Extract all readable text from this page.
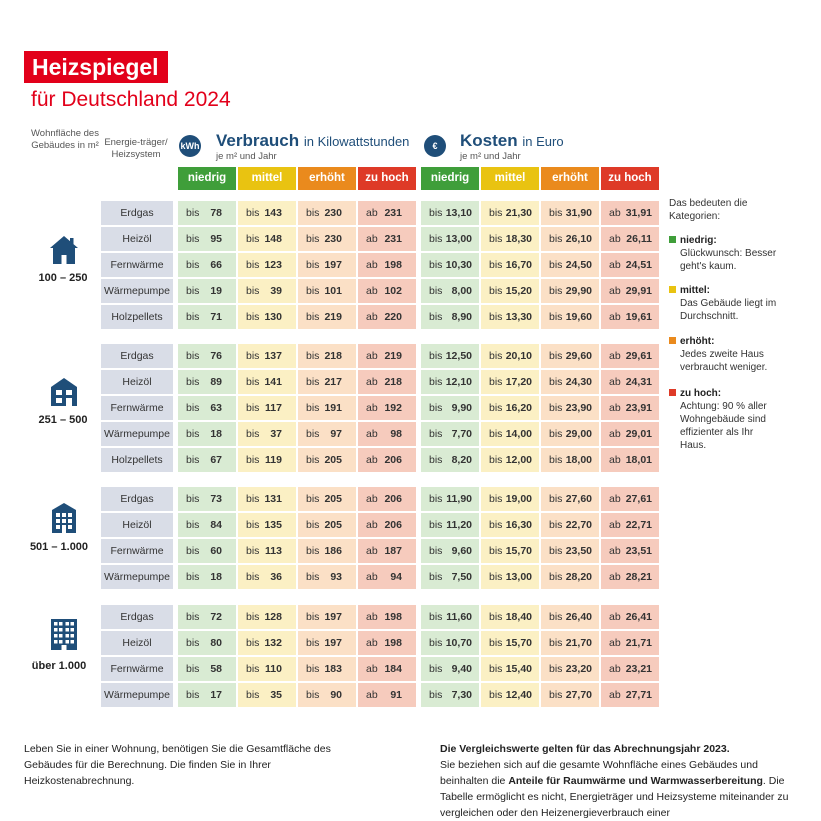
Heizspiegel
für Deutschland 2024
Wohnfläche des Gebäudes in m² Energie-träger/ Heizsystem
kWh Verbrauch in Kilowattstunden
je m² und Jahr
€	Kosten in Euro
je m² und Jahr
niedrig	mittel	erhöht	zu hoch	niedrig	mittel	erhöht	zu hoch
Erdgas	bis 78 bis 143 bis 230 ab 231	bis 13,10 bis 21,30 bis 31,90 ab 31,91
Heizöl	bis 95 bis 148 bis 230 ab 231	bis 13,00 bis 18,30 bis 26,10 ab 26,11
Fernwärme	bis 66 bis 123 bis 197 ab 198	bis 10,30 bis 16,70 bis 24,50 ab 24,51
Wärmepumpe bis 19 bis 39 bis 101 ab 102	bis 8,00 bis 15,20 bis 29,90 ab 29,91
Holzpellets	bis 71 bis 130 bis 219 ab 220	bis 8,90 bis 13,30 bis 19,60 ab 19,61
Erdgas	bis 76 bis 137 bis 218 ab 219	bis 12,50 bis 20,10 bis 29,60 ab 29,61
Heizöl	bis 89 bis 141 bis 217 ab 218	bis 12,10 bis 17,20 bis 24,30 ab 24,31
Fernwärme	bis 63 bis 117 bis 191 ab 192	bis 9,90 bis 16,20 bis 23,90 ab 23,91
Wärmepumpe bis 18 bis 37 bis 97 ab 98	bis 7,70 bis 14,00 bis 29,00 ab 29,01
Holzpellets	bis 67 bis 119 bis 205 ab 206	bis 8,20 bis 12,00 bis 18,00 ab 18,01
Erdgas	bis 73 bis 131 bis 205 ab 206	bis 11,90 bis 19,00 bis 27,60 ab 27,61
Heizöl	bis 84 bis 135 bis 205 ab 206	bis 11,20 bis 16,30 bis 22,70 ab 22,71
Fernwärme	bis 60 bis 113 bis 186 ab 187	bis 9,60 bis 15,70 bis 23,50 ab 23,51
Wärmepumpe bis 18 bis 36 bis 93 ab 94	bis 7,50 bis 13,00 bis 28,20 ab 28,21
Erdgas	bis 72 bis 128 bis 197 ab 198	bis 11,60 bis 18,40 bis 26,40 ab 26,41
Heizöl	bis 80 bis 132 bis 197 ab 198	bis 10,70 bis 15,70 bis 21,70 ab 21,71
Fernwärme	bis 58 bis 110 bis 183 ab 184	bis 9,40 bis 15,40 bis 23,20 ab 23,21
Wärmepumpe bis 17 bis 35 bis 90 ab 91	bis 7,30 bis 12,40 bis 27,70 ab 27,71
100 – 250
251 – 500
501 – 1.000
über 1.000
Das bedeuten die Kategorien:
niedrig:
Glückwunsch: Besser geht's kaum.
mittel:
Das Gebäude liegt im Durchschnitt.
erhöht:
Jedes zweite Haus verbraucht weniger.
zu hoch:
Achtung: 90 % aller Wohngebäude sind effizienter als Ihr Haus.
Leben Sie in einer Wohnung, benötigen Sie die Gesamtfläche des Gebäudes für die Berechnung. Die finden Sie in Ihrer Heizkostenabrechnung.
Die Vergleichswerte gelten für das Abrechnungsjahr 2023.
Sie beziehen sich auf die gesamte Wohnfläche eines Gebäudes und beinhalten die Anteile für Raumwärme und Warmwasserbereitung. Die Tabelle ermöglicht es nicht, Energieträger und Heizsysteme miteinander zu vergleichen oder den Heizenergieverbrauch einer
